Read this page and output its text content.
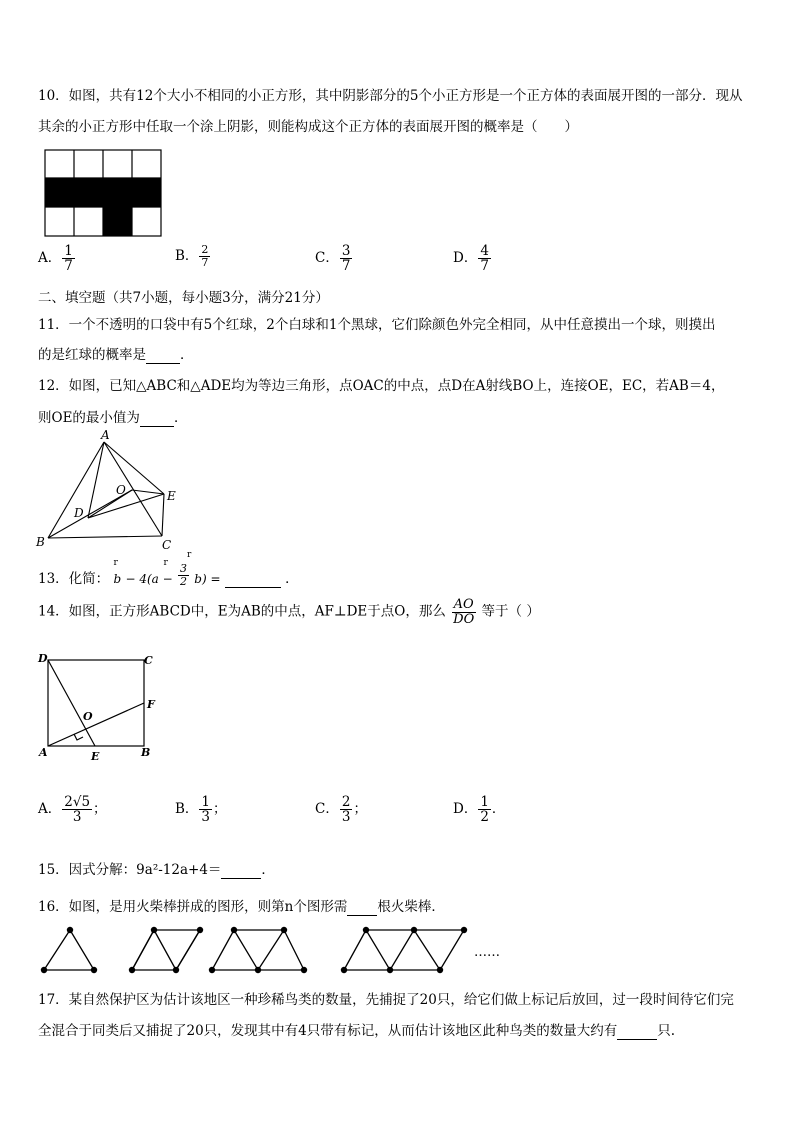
10．如图，共有12个大小不相同的小正方形，其中阴影部分的5个小正方形是一个正方体的表面展开图的一部分．现从
其余的小正方形中任取一个涂上阴影，则能构成这个正方体的表面展开图的概率是（　　）
A． $\frac{1}{7}$	B． $\frac{2}{7}$	C． $\frac{3}{7}$	D． $\frac{4}{7}$
二、填空题（共7小题，每小题3分，满分21分）
11．一个不透明的口袋中有5个红球，2个白球和1个黑球，它们除颜色外完全相同，从中任意摸出一个球，则摸出
的是红球的概率是	．
12．如图，已知△ABC和△ADE均为等边三角形，点OAC的中点，点D在A射线BO上，连接OE，EC，若AB＝4，
则OE的最小值为	．
A
B	C
D
E
O
13．化简：
r
b
r
− 4(a −
r
3
2 b) =	．
14．如图，正方形ABCD中，E为AB的中点，AF⊥DE于点O，那么 $\frac{AO}{DO}$ 等于（ ）
D	C
F
O
A	E	B
A． $\frac{2√5}{3}$ ；	B． $\frac{1}{3}$ ；	C． $\frac{2}{3}$ ；	D． $\frac{1}{2}$ ．
15．因式分解：9a²-12a+4＝	．
16．如图，是用火柴棒拼成的图形，则第n个图形需 根火柴棒．
……
17．某自然保护区为估计该地区一种珍稀鸟类的数量，先捕捉了20只，给它们做上标记后放回，过一段时间待它们完
全混合于同类后又捕捉了20只，发现其中有4只带有标记，从而估计该地区此种鸟类的数量大约有	只.
